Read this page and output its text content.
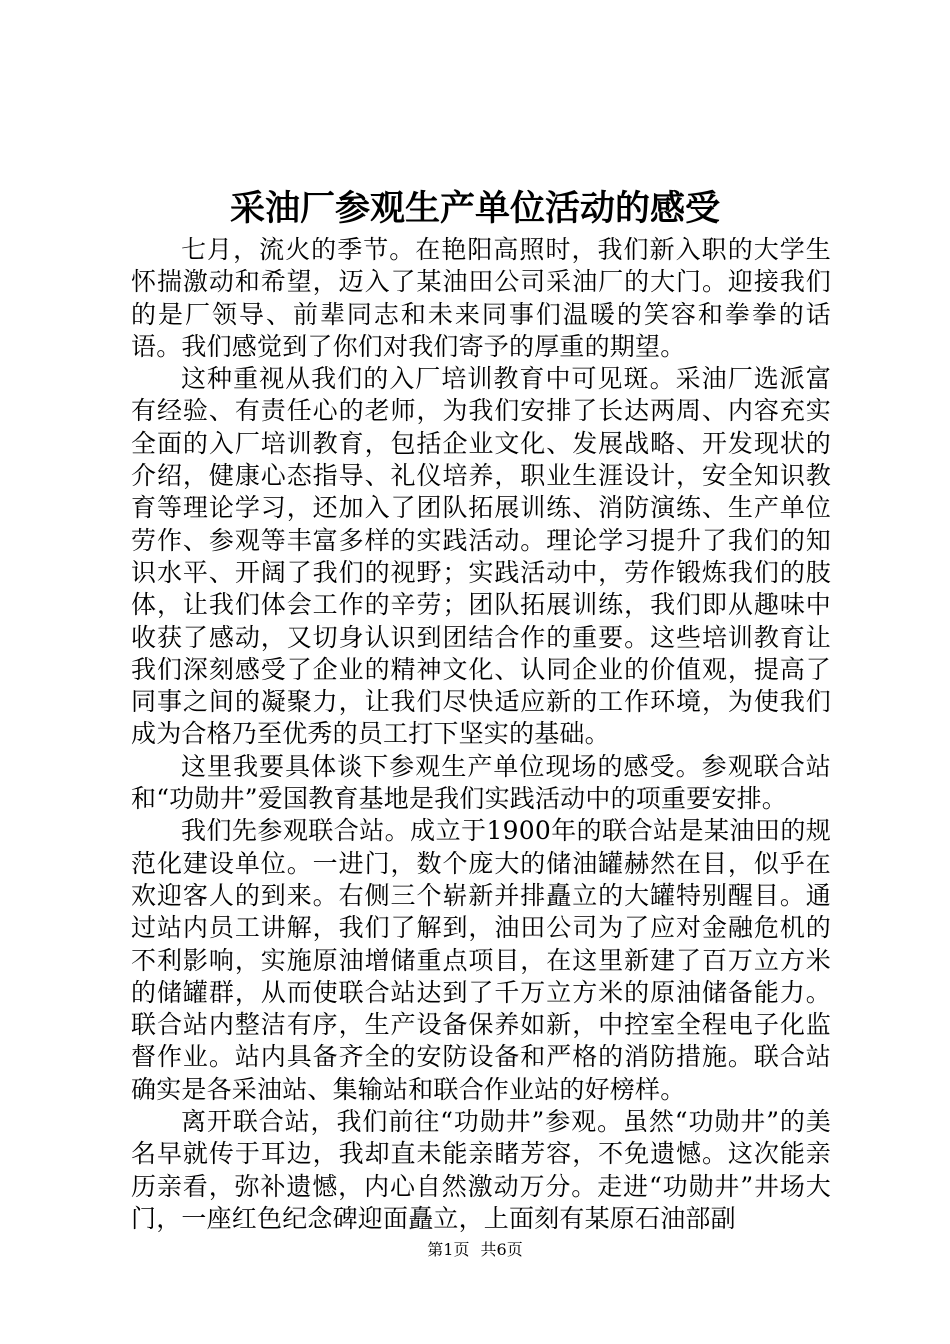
采油厂参观生产单位活动的感受

七月，流火的季节。在艳阳高照时，我们新入职的大学生怀揣激动和希望，迈入了某油田公司采油厂的大门。迎接我们的是厂领导、前辈同志和未来同事们温暖的笑容和拳拳的话语。我们感觉到了你们对我们寄予的厚重的期望。

这种重视从我们的入厂培训教育中可见斑。采油厂选派富有经验、有责任心的老师，为我们安排了长达两周、内容充实全面的入厂培训教育，包括企业文化、发展战略、开发现状的介绍，健康心态指导、礼仪培养，职业生涯设计，安全知识教育等理论学习，还加入了团队拓展训练、消防演练、生产单位劳作、参观等丰富多样的实践活动。理论学习提升了我们的知识水平、开阔了我们的视野；实践活动中，劳作锻炼我们的肢体，让我们体会工作的辛劳；团队拓展训练，我们即从趣味中收获了感动，又切身认识到团结合作的重要。这些培训教育让我们深刻感受了企业的精神文化、认同企业的价值观，提高了同事之间的凝聚力，让我们尽快适应新的工作环境，为使我们成为合格乃至优秀的员工打下坚实的基础。

这里我要具体谈下参观生产单位现场的感受。参观联合站和“功勋井”爱国教育基地是我们实践活动中的项重要安排。

我们先参观联合站。成立于1900年的联合站是某油田的规范化建设单位。一进门，数个庞大的储油罐赫然在目，似乎在欢迎客人的到来。右侧三个崭新并排矗立的大罐特别醒目。通过站内员工讲解，我们了解到，油田公司为了应对金融危机的不利影响，实施原油增储重点项目，在这里新建了百万立方米的储罐群，从而使联合站达到了千万立方米的原油储备能力。联合站内整洁有序，生产设备保养如新，中控室全程电子化监督作业。站内具备齐全的安防设备和严格的消防措施。联合站确实是各采油站、集输站和联合作业站的好榜样。

离开联合站，我们前往“功勋井”参观。虽然“功勋井”的美名早就传于耳边，我却直未能亲睹芳容，不免遗憾。这次能亲历亲看，弥补遗憾，内心自然激动万分。走进“功勋井”井场大门，一座红色纪念碑迎面矗立，上面刻有某原石油部副

第1页 共6页
